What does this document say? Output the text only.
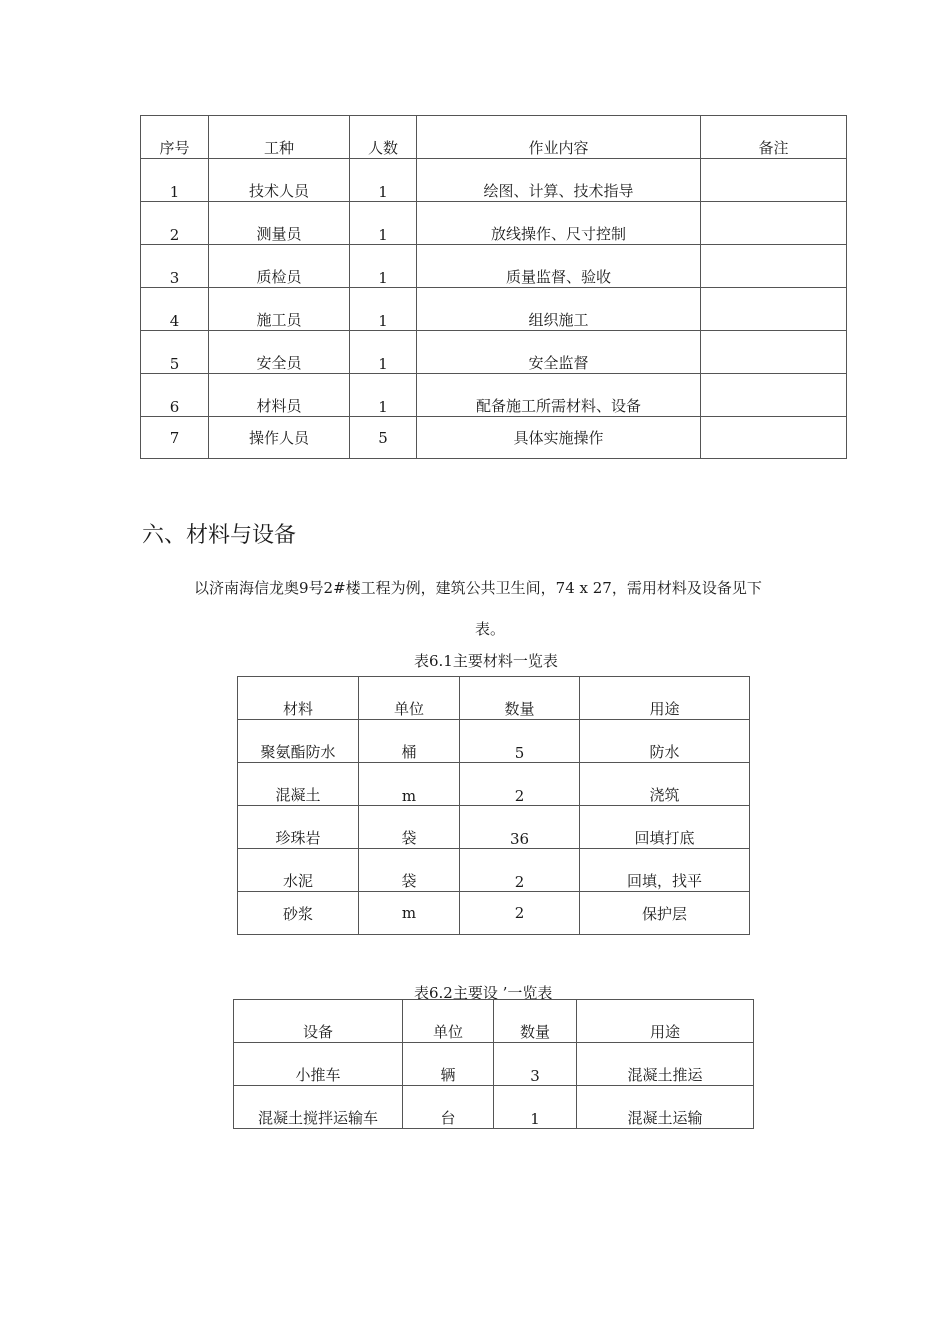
序号	工种	人数	作业内容	备注
1	技术人员	1	绘图、计算、技术指导	
2	测量员	1	放线操作、尺寸控制	
3	质检员	1	质量监督、验收	
4	施工员	1	组织施工	
5	安全员	1	安全监督	
6	材料员	1	配备施工所需材料、设备	
7	操作人员	5	具体实施操作	
六、材料与设备
以济南海信龙奥9号2#楼工程为例，建筑公共卫生间，74 x 27，需用材料及设备见下
表。
表6.1主要材料一览表
材料	单位	数量	用途
聚氨酯防水	桶	5	防水
混凝土	m	2	浇筑
珍珠岩	袋	36	回填打底
水泥	袋	2	回填，找平
砂浆	m	2	保护层
表6.2主要设 ’一览表
设备	单位	数量	用途
小推车	辆	3	混凝土推运
混凝土搅拌运输车	台	1	混凝土运输
